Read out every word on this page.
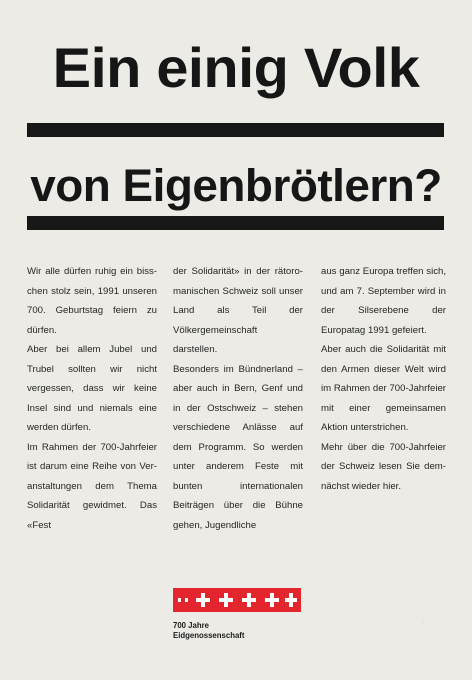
Ein einig Volk
von Eigenbrötlern?

Wir alle dürfen ruhig ein bisschen stolz sein, 1991 unseren 700. Geburtstag feiern zu dürfen.

Aber bei allem Jubel und Trubel sollten wir nicht vergessen, dass wir keine Insel sind und niemals eine werden dürfen.

Im Rahmen der 700-Jahrfeier ist darum eine Reihe von Veranstaltungen dem Thema Solidarität gewidmet. Das «Fest

der Solidarität» in der rätoromanischen Schweiz soll unser Land als Teil der Völkergemeinschaft darstellen.

Besonders im Bündnerland – aber auch in Bern, Genf und in der Ostschweiz – stehen verschiedene Anlässe auf dem Programm. So werden unter anderem Feste mit bunten internationalen Beiträgen über die Bühne gehen, Jugendliche

aus ganz Europa treffen sich, und am 7. September wird in der Silserebene der Europatag 1991 gefeiert.

Aber auch die Solidarität mit den Armen dieser Welt wird im Rahmen der 700-Jahrfeier mit einer gemeinsamen Aktion unterstrichen.

Mehr über die 700-Jahrfeier der Schweiz lesen Sie demnächst wieder hier.

700 Jahre
Eidgenossenschaft
· · ·
